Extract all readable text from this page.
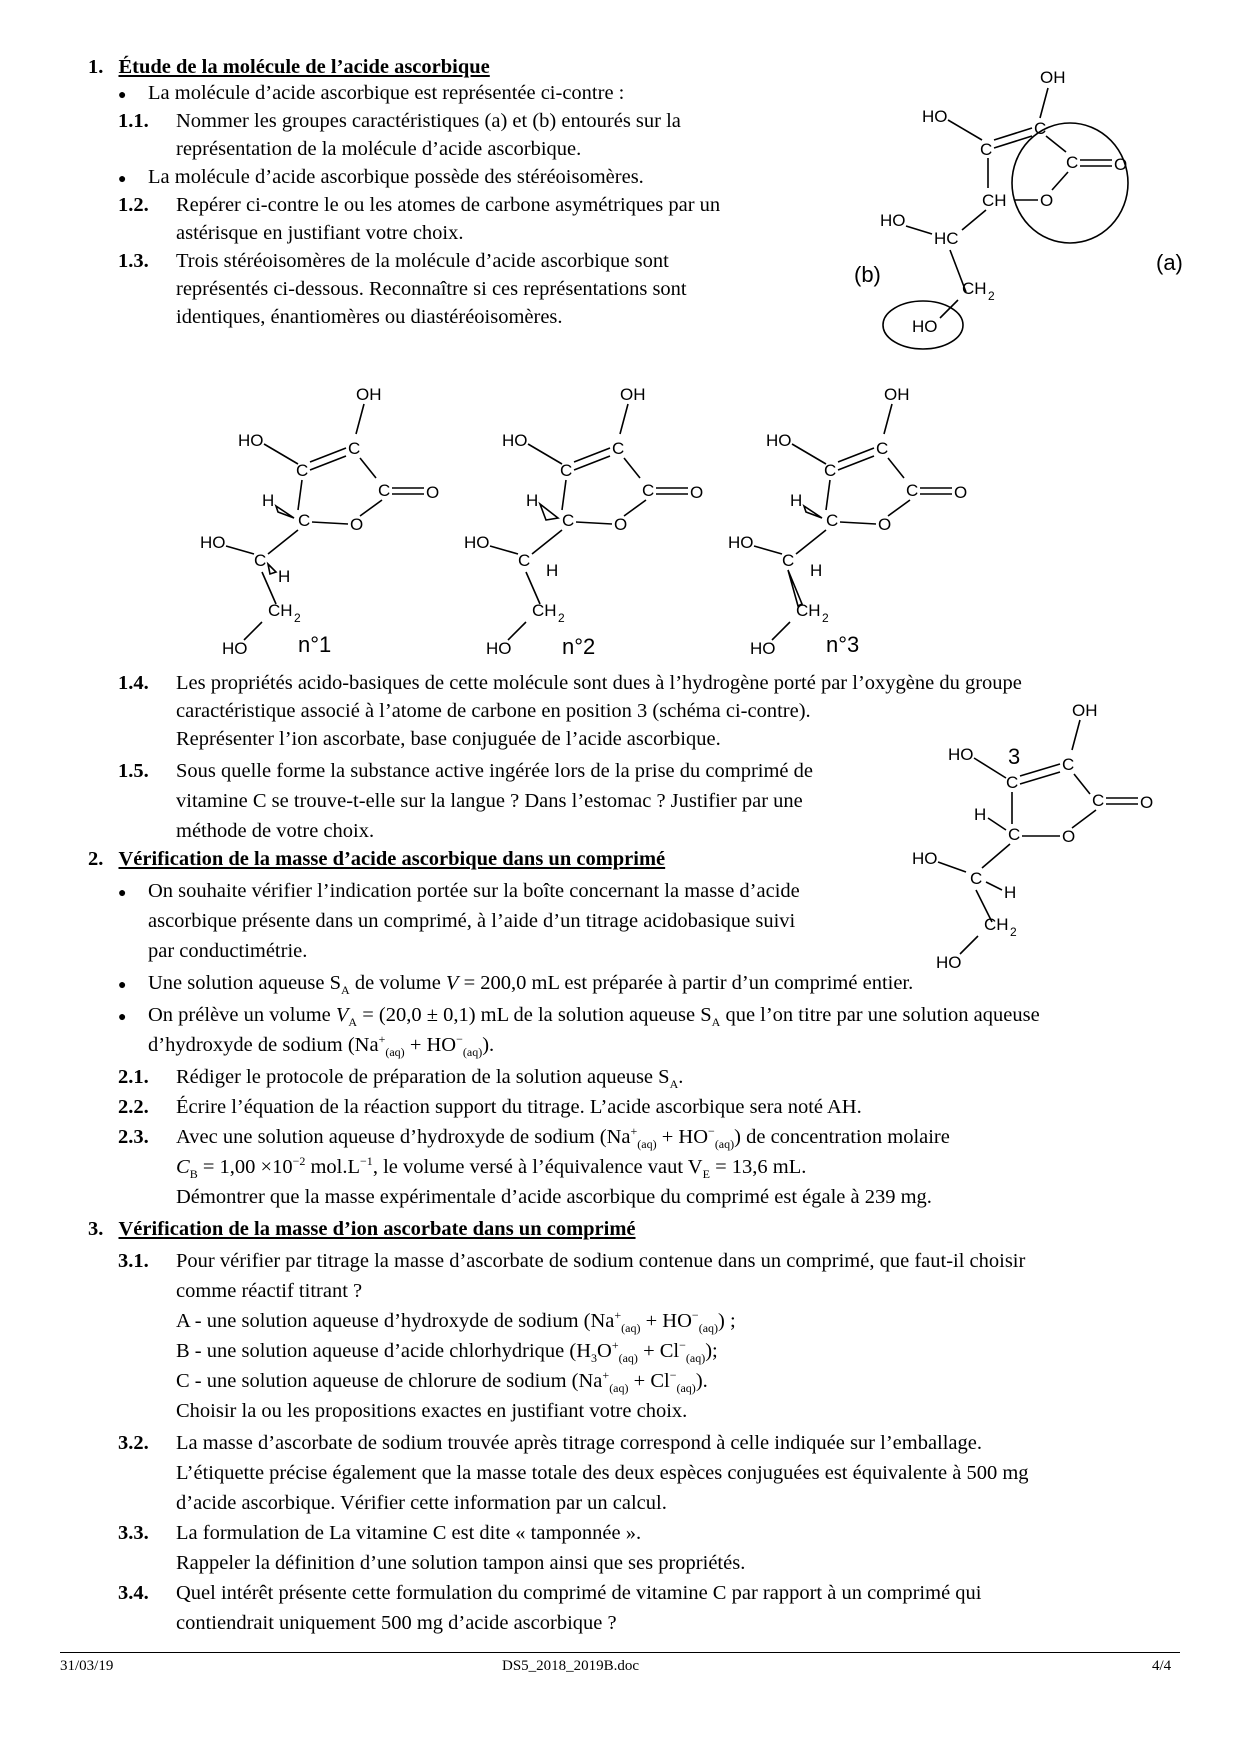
1. Étude de la molécule de l’acide ascorbique
● La molécule d’acide ascorbique est représentée ci-contre :
1.1. Nommer les groupes caractéristiques (a) et (b) entourés sur la
représentation de la molécule d’acide ascorbique.
● La molécule d’acide ascorbique possède des stéréoisomères.
1.2. Repérer ci-contre le ou les atomes de carbone asymétriques par un
astérisque en justifiant votre choix.
1.3. Trois stéréoisomères de la molécule d’acide ascorbique sont
représentés ci-dessous. Reconnaître si ces représentations sont
identiques, énantiomères ou diastéréoisomères.
OH
HO
C
C
C O
O
CH
HO
HC
CH 2
HO
(a)
(b)
OH
HO
C
C
C O
O
C
H
HO
C
H
CH 2
HO n°1
OH
HO
C
C
C O
O
C
H
HO
C
H
CH 2
HO n°2
OH
HO
C
C
C O
O
C
H
HO
C
H
CH 2
HO n°3
1.4. Les propriétés acido-basiques de cette molécule sont dues à l’hydrogène porté par l’oxygène du groupe
caractéristique associé à l’atome de carbone en position 3 (schéma ci-contre).
Représenter l’ion ascorbate, base conjuguée de l’acide ascorbique.
1.5. Sous quelle forme la substance active ingérée lors de la prise du comprimé de
vitamine C se trouve-t-elle sur la langue ? Dans l’estomac ? Justifier par une
méthode de votre choix.
OH
HO 3
C
C
C O
O
C
H
HO
C
H
CH 2
HO
2. Vérification de la masse d’acide ascorbique dans un comprimé
● On souhaite vérifier l’indication portée sur la boîte concernant la masse d’acide
ascorbique présente dans un comprimé, à l’aide d’un titrage acidobasique suivi
par conductimétrie.
● Une solution aqueuse $S_A$ de volume V = 200,0 mL est préparée à partir d’un comprimé entier.
● On prélève un volume $V_A = (20,0 \pm 0,1)$ mL de la solution aqueuse $S_A$ que l’on titre par une solution aqueuse
d’hydroxyde de sodium $(Na^+_{(aq)} + HO^-_{(aq)})$.
2.1. Rédiger le protocole de préparation de la solution aqueuse $S_A$.
2.2. Écrire l’équation de la réaction support du titrage. L’acide ascorbique sera noté AH.
2.3. Avec une solution aqueuse d’hydroxyde de sodium $(Na^+_{(aq)} + HO^-_{(aq)})$ de concentration molaire
$C_B = 1,00 \times 10^{-2}$ $mol.L^{-1}$, le volume versé à l’équivalence vaut $V_E = 13,6$ mL.
Démontrer que la masse expérimentale d’acide ascorbique du comprimé est égale à 239 mg.
3. Vérification de la masse d’ion ascorbate dans un comprimé
3.1. Pour vérifier par titrage la masse d’ascorbate de sodium contenue dans un comprimé, que faut-il choisir
comme réactif titrant ?
A - une solution aqueuse d’hydroxyde de sodium $(Na^+_{(aq)} + HO^-_{(aq)})$ ;
B - une solution aqueuse d’acide chlorhydrique $(H_3O^+_{(aq)} + Cl^-_{(aq)})$;
C - une solution aqueuse de chlorure de sodium $(Na^+_{(aq)} + Cl^-_{(aq)})$.
Choisir la ou les propositions exactes en justifiant votre choix.
3.2. La masse d’ascorbate de sodium trouvée après titrage correspond à celle indiquée sur l’emballage.
L’étiquette précise également que la masse totale des deux espèces conjuguées est équivalente à 500 mg
d’acide ascorbique. Vérifier cette information par un calcul.
3.3. La formulation de La vitamine C est dite « tamponnée ».
Rappeler la définition d’une solution tampon ainsi que ses propriétés.
3.4. Quel intérêt présente cette formulation du comprimé de vitamine C par rapport à un comprimé qui
contiendrait uniquement 500 mg d’acide ascorbique ?
31/03/19	DS5_2018_2019B.doc	4/4
